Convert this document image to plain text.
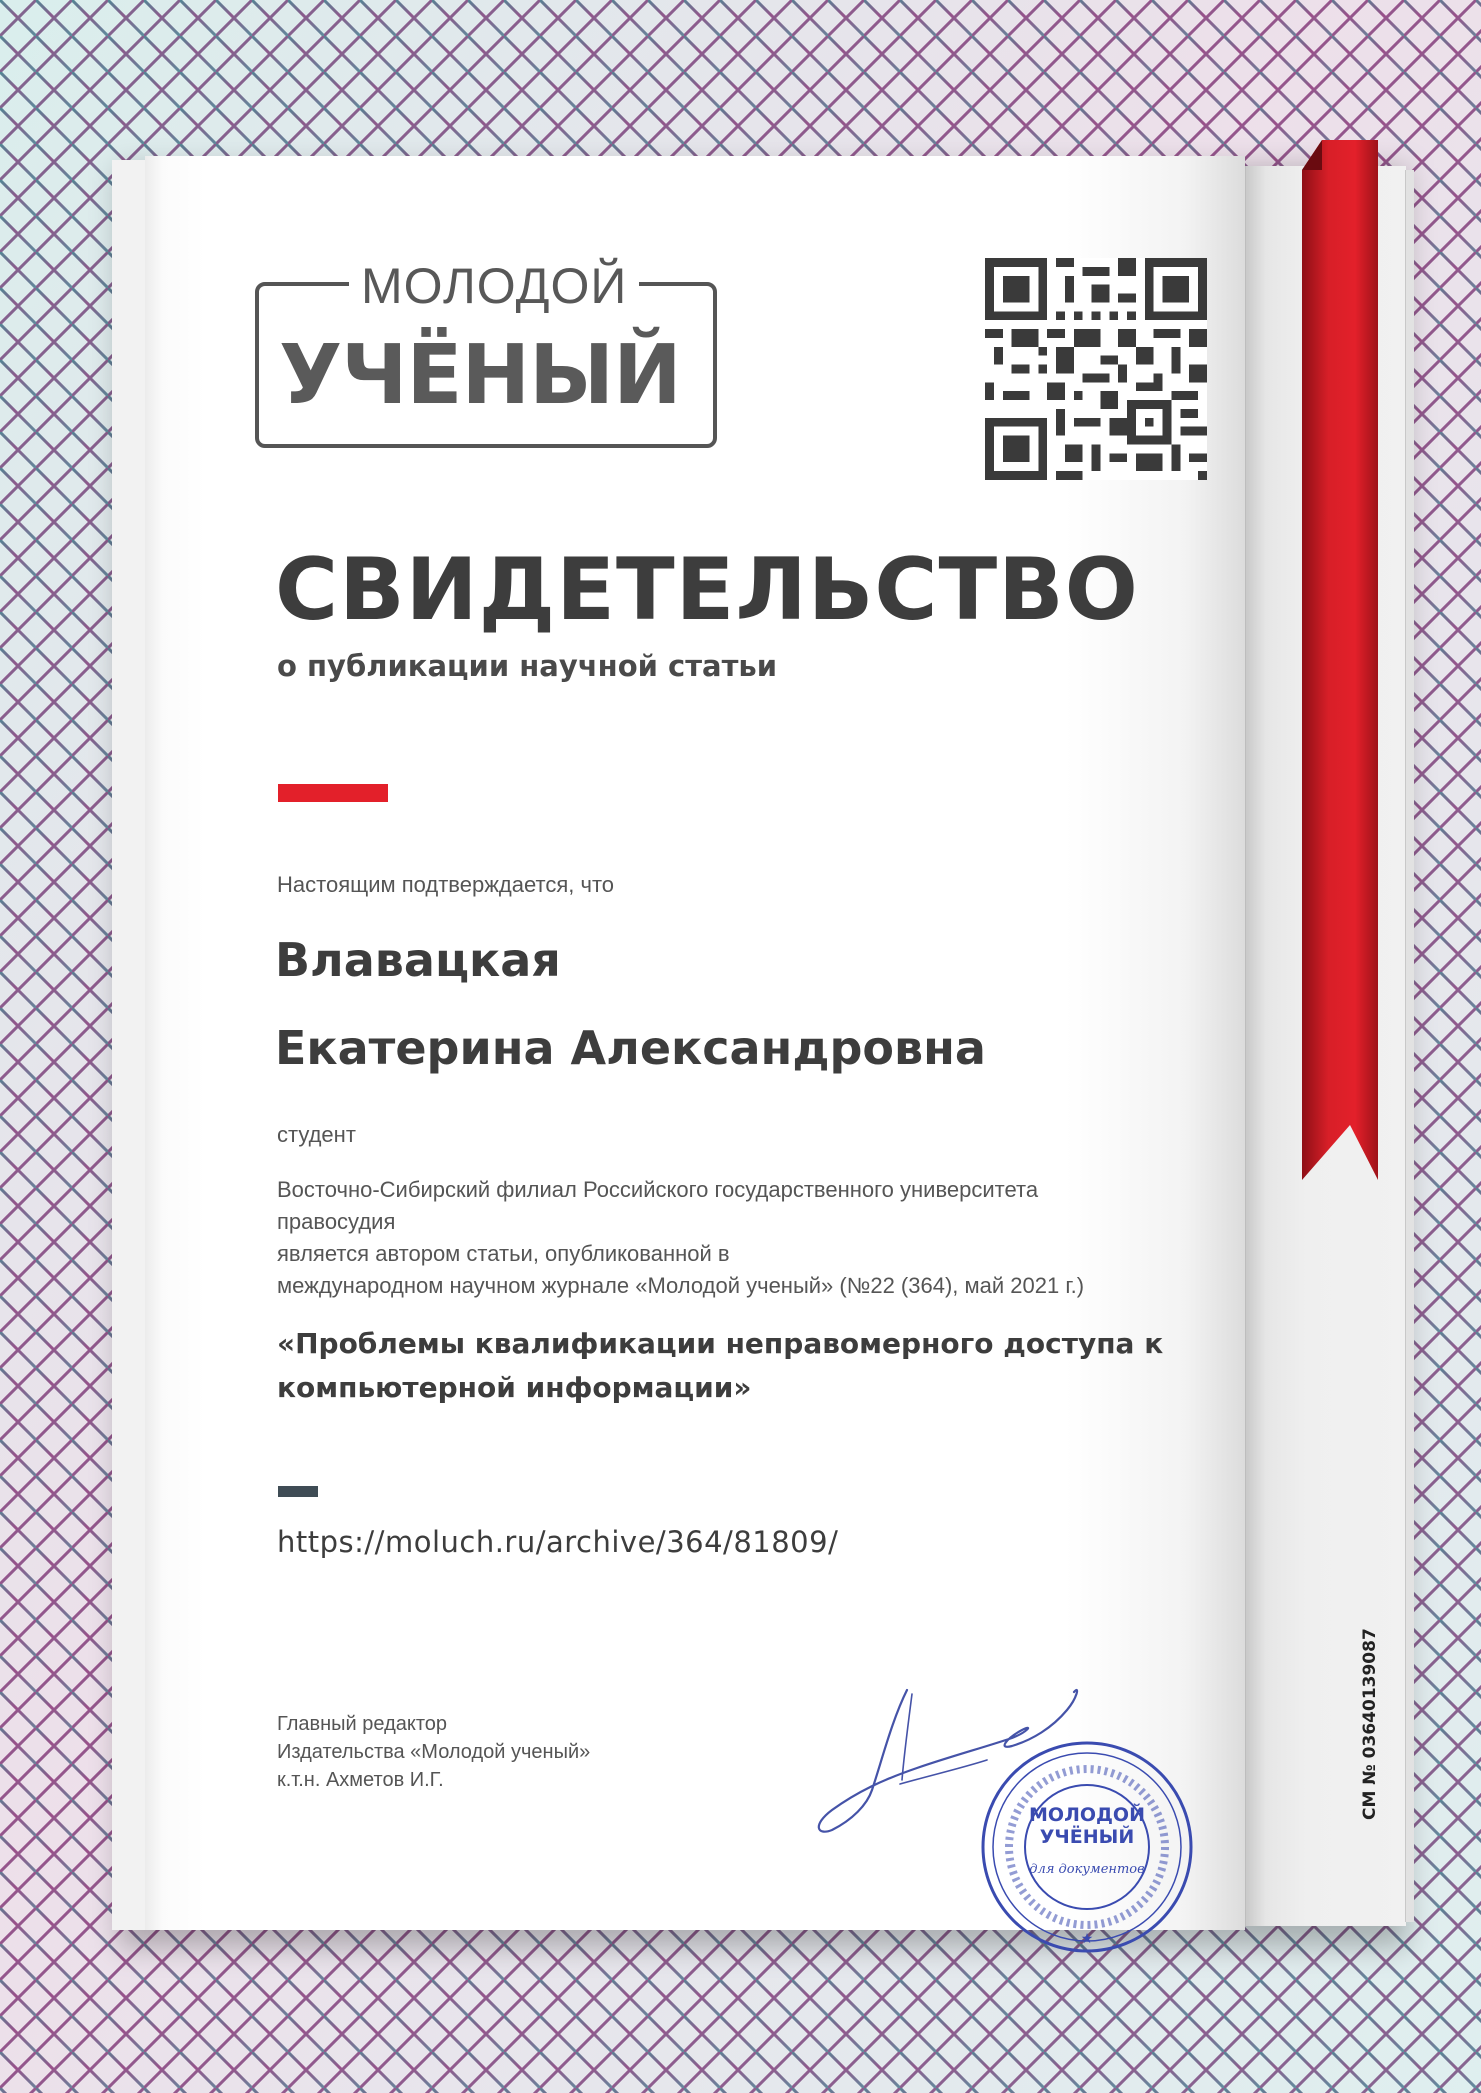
МОЛОДОЙ
УЧЁНЫЙ
СВИДЕТЕЛЬСТВО
о публикации научной статьи
Настоящим подтверждается, что
Влавацкая
Екатерина Александровна
студент
Восточно-Сибирский филиал Российского государственного университета
правосудия
является автором статьи, опубликованной в
международном научном журнале «Молодой ученый» (№22 (364), май 2021 г.)
«Проблемы квалификации неправомерного доступа к
компьютерной информации»
https://moluch.ru/archive/364/81809/
Главный редактор
Издательства «Молодой ученый»
к.т.н. Ахметов И.Г.
★
МОЛОДОЙ
УЧЁНЫЙ
для документов
СМ № 03640139087
